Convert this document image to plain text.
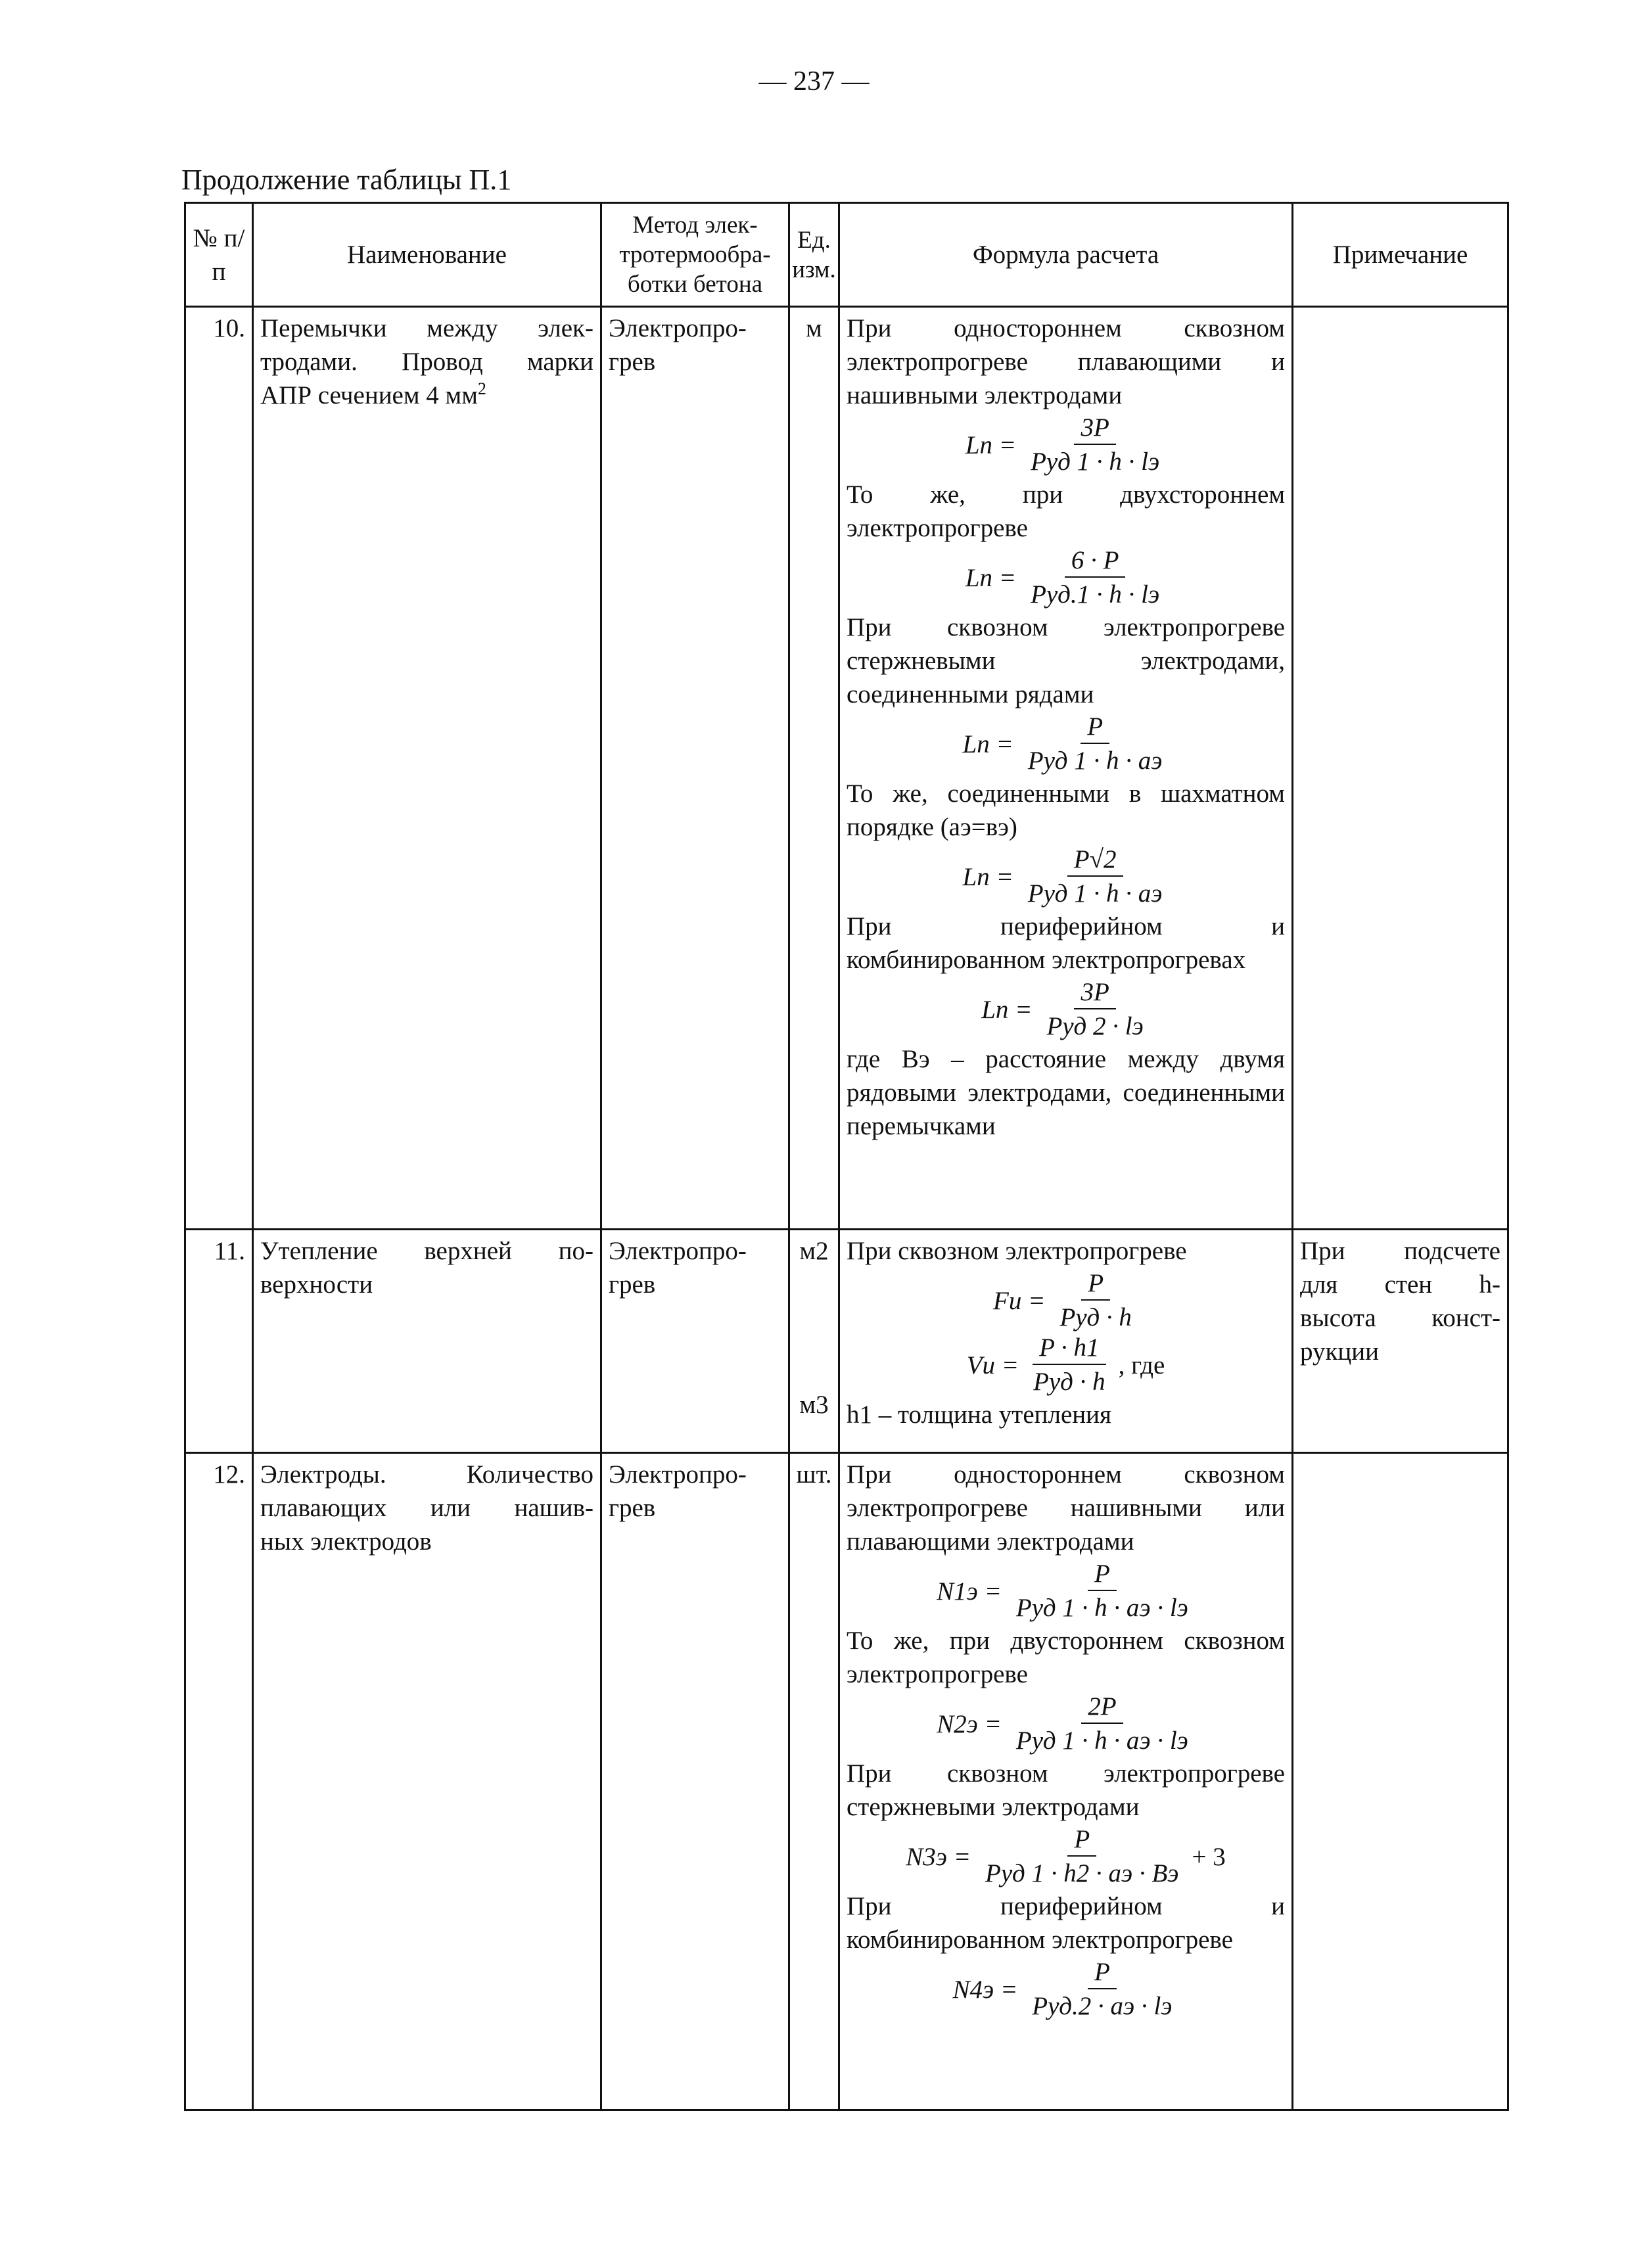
— 237 —
Продолжение таблицы П.1
№ п/п
Наименование
Метод элек-тротермообра-ботки бетона
Ед. изм.
Формула расчета	Примечание
10. Перемычки между элек-
тродами. Провод марки
АПР сечением 4 $мм^2$
Электропро-
грев
м При одностороннем сквозном электропрогреве плавающими и нашивными электродами
Lп = $\frac{3P}{\text{Pуд 1 · h · lэ}}$
То же, при двухстороннем электропрогреве
Lп = $\frac{6 \cdot P}{\text{Pуд.1 · h · lэ}}$
При сквозном электропрогреве стержневыми электродами, соединенными рядами
Lп = $\frac{P}{\text{Pуд 1 · h · aэ}}$
То же, соединенными в шахматном порядке (аэ=вэ)
Lп = $\frac{P√2}{\text{Pуд 1 · h · aэ}}$
При периферийном и комбинированном электропрогревах
Lп = $\frac{3P}{\text{Pуд 2 · lэ}}$
где Вэ – расстояние между двумя рядовыми электродами, соединенными перемычками
11. Утепление верхней по-
верхности
Электропро-
грев
м2
м3
При сквозном электропрогреве
Fи = $\frac{P}{\text{Pуд · h}}$
Vи = $\frac{P \cdot h1}{\text{Pуд · h}}$ , где
h1 – толщина утепления
При подсчете
для стен h-
высота конст-
рукции
12. Электроды. Количество
плавающих или нашив-
ных электродов
Электропро-
грев
шт. При одностороннем сквозном электропрогреве нашивными или плавающими электродами
$N1э = \frac{P}{\text{Pуд 1 · h · aэ · lэ}}$
То же, при двустороннем сквозном электропрогреве
$N2э = \frac{2P}{\text{Pуд 1 · h · aэ · lэ}}$
При сквозном электропрогреве стержневыми электродами
$N3э = \frac{P}{\text{Pуд 1 · h2 · aэ · Bэ}} + 3$
При периферийном и комбинированном электропрогреве
$N4э = \frac{P}{\text{Pуд.2 · aэ · lэ}}$
